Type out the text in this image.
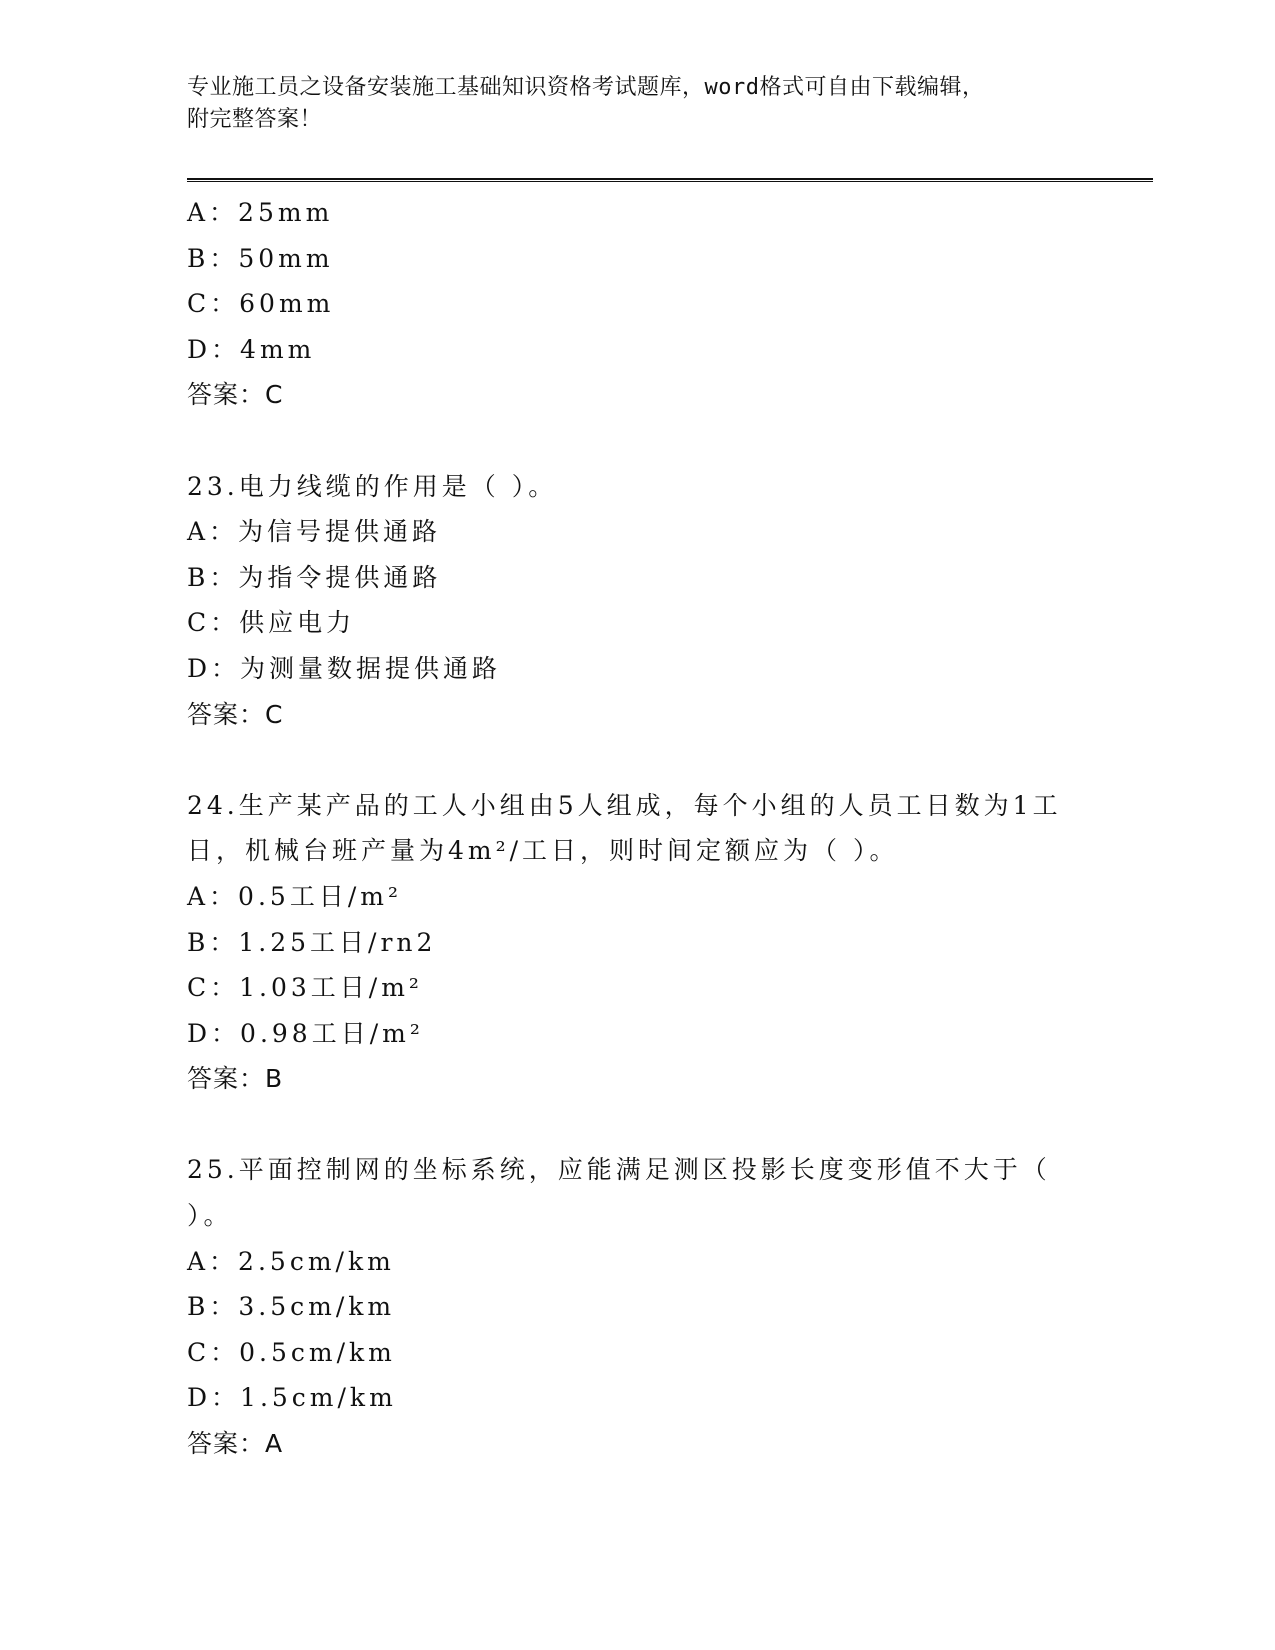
专业施工员之设备安装施工基础知识资格考试题库，word格式可自由下载编辑，
附完整答案！
A：25mm
B：50mm
C：60mm
D：4mm
答案：C
23.电力线缆的作用是（ ）。
A：为信号提供通路
B：为指令提供通路
C：供应电力
D：为测量数据提供通路
答案：C
24.生产某产品的工人小组由5人组成，每个小组的人员工日数为1工
日，机械台班产量为4m²/工日，则时间定额应为（ ）。
A：0.5工日/m²
B：1.25工日/rn2
C：1.03工日/m²
D：0.98工日/m²
答案：B
25.平面控制网的坐标系统，应能满足测区投影长度变形值不大于（
）。
A：2.5cm/km
B：3.5cm/km
C：0.5cm/km
D：1.5cm/km
答案：A
